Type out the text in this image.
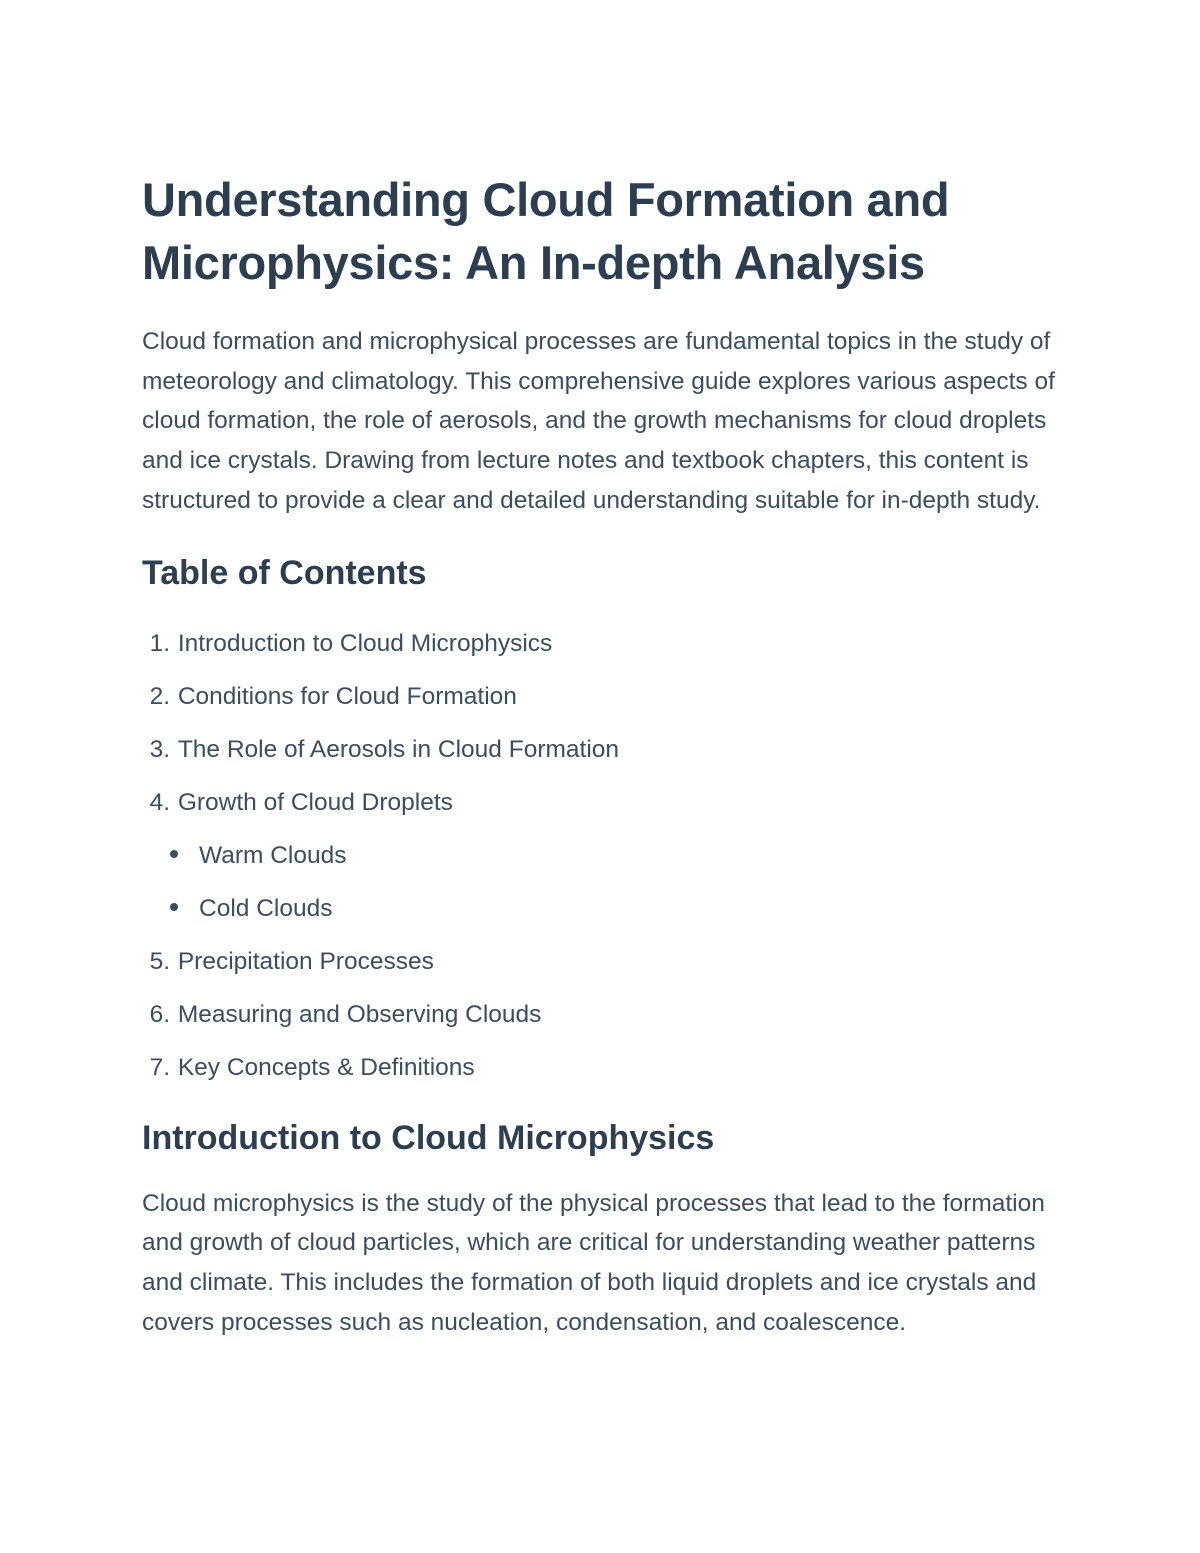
Understanding Cloud Formation and Microphysics: An In-depth Analysis

Cloud formation and microphysical processes are fundamental topics in the study of meteorology and climatology. This comprehensive guide explores various aspects of cloud formation, the role of aerosols, and the growth mechanisms for cloud droplets and ice crystals. Drawing from lecture notes and textbook chapters, this content is structured to provide a clear and detailed understanding suitable for in-depth study.

Table of Contents
1.
Introduction to Cloud Microphysics
2.
Conditions for Cloud Formation
3.
The Role of Aerosols in Cloud Formation
4.
Growth of Cloud Droplets
Warm Clouds
Cold Clouds
5.
Precipitation Processes
6.
Measuring and Observing Clouds
7.
Key Concepts & Definitions
Introduction to Cloud Microphysics

Cloud microphysics is the study of the physical processes that lead to the formation and growth of cloud particles, which are critical for understanding weather patterns and climate. This includes the formation of both liquid droplets and ice crystals and covers processes such as nucleation, condensation, and coalescence.
